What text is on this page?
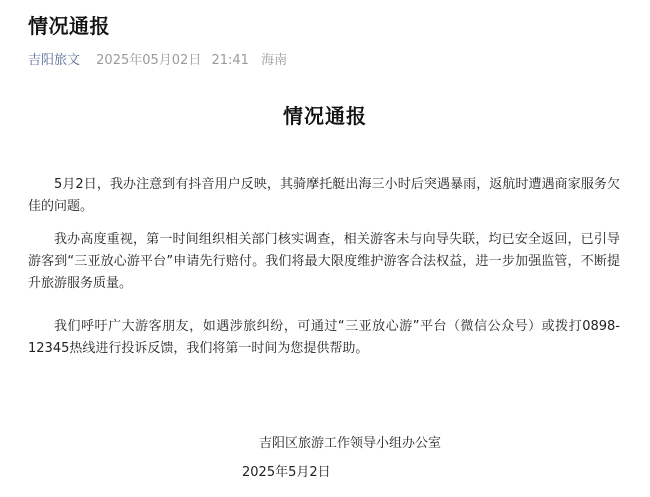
情况通报
吉阳旅文 2025年05月02日 21:41 海南
情况通报
5月2日，我办注意到有抖音用户反映，其骑摩托艇出海三小时后突遇暴雨，返航时遭遇商家服务欠佳的问题。
我办高度重视，第一时间组织相关部门核实调查，相关游客未与向导失联，均已安全返回，已引导游客到“三亚放心游平台”申请先行赔付。我们将最大限度维护游客合法权益，进一步加强监管，不断提升旅游服务质量。
我们呼吁广大游客朋友，如遇涉旅纠纷，可通过“三亚放心游”平台（微信公众号）或拨打0898-12345热线进行投诉反馈，我们将第一时间为您提供帮助。
吉阳区旅游工作领导小组办公室
2025年5月2日
